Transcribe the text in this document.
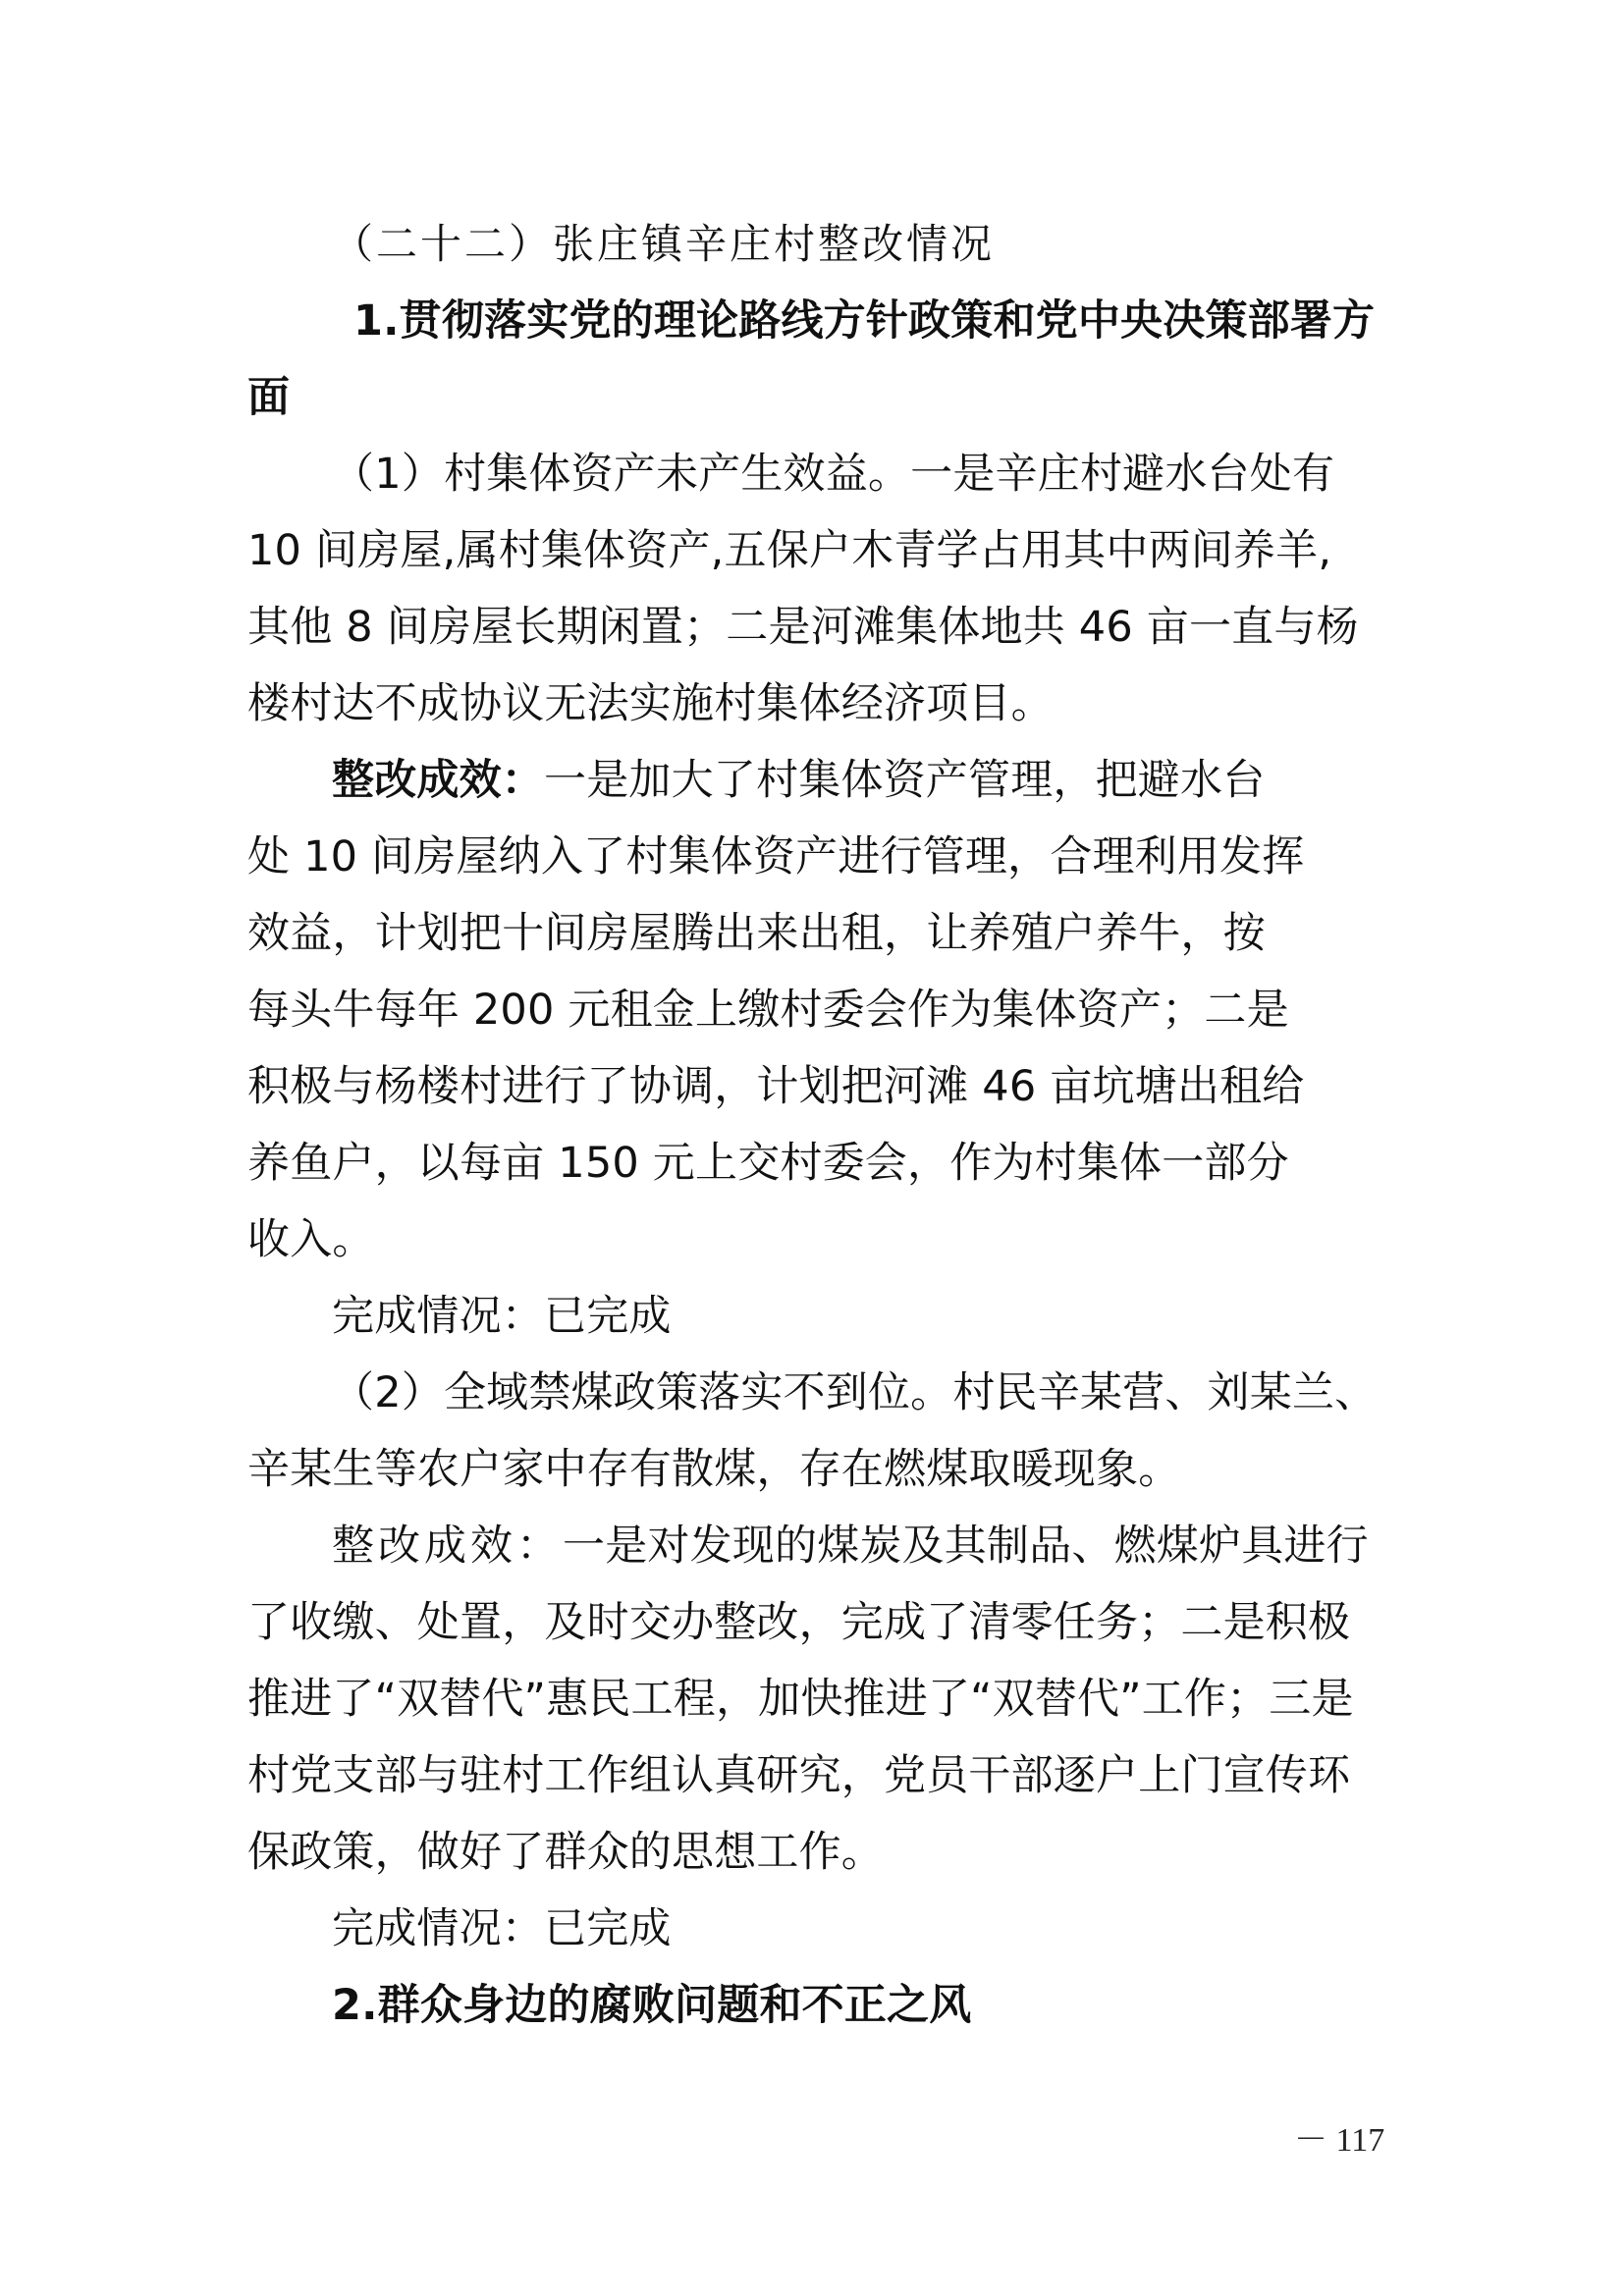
（二十二）张庄镇辛庄村整改情况
1.贯彻落实党的理论路线方针政策和党中央决策部署方
面
（1）村集体资产未产生效益。一是辛庄村避水台处有
10 间房屋,属村集体资产,五保户木青学占用其中两间养羊,
其他 8 间房屋长期闲置；二是河滩集体地共 46 亩一直与杨
楼村达不成协议无法实施村集体经济项目。
整改成效：一是加大了村集体资产管理，把避水台
处 10 间房屋纳入了村集体资产进行管理，合理利用发挥
效益，计划把十间房屋腾出来出租，让养殖户养牛，按
每头牛每年 200 元租金上缴村委会作为集体资产；二是
积极与杨楼村进行了协调，计划把河滩 46 亩坑塘出租给
养鱼户，以每亩 150 元上交村委会，作为村集体一部分
收入。
完成情况：已完成
（2）全域禁煤政策落实不到位。村民辛某营、刘某兰、
辛某生等农户家中存有散煤，存在燃煤取暖现象。
整改成效：一是对发现的煤炭及其制品、燃煤炉具进行
了收缴、处置，及时交办整改，完成了清零任务；二是积极
推进了“双替代”惠民工程，加快推进了“双替代”工作；三是
村党支部与驻村工作组认真研究，党员干部逐户上门宣传环
保政策，做好了群众的思想工作。
完成情况：已完成
2.群众身边的腐败问题和不正之风
－ 117
